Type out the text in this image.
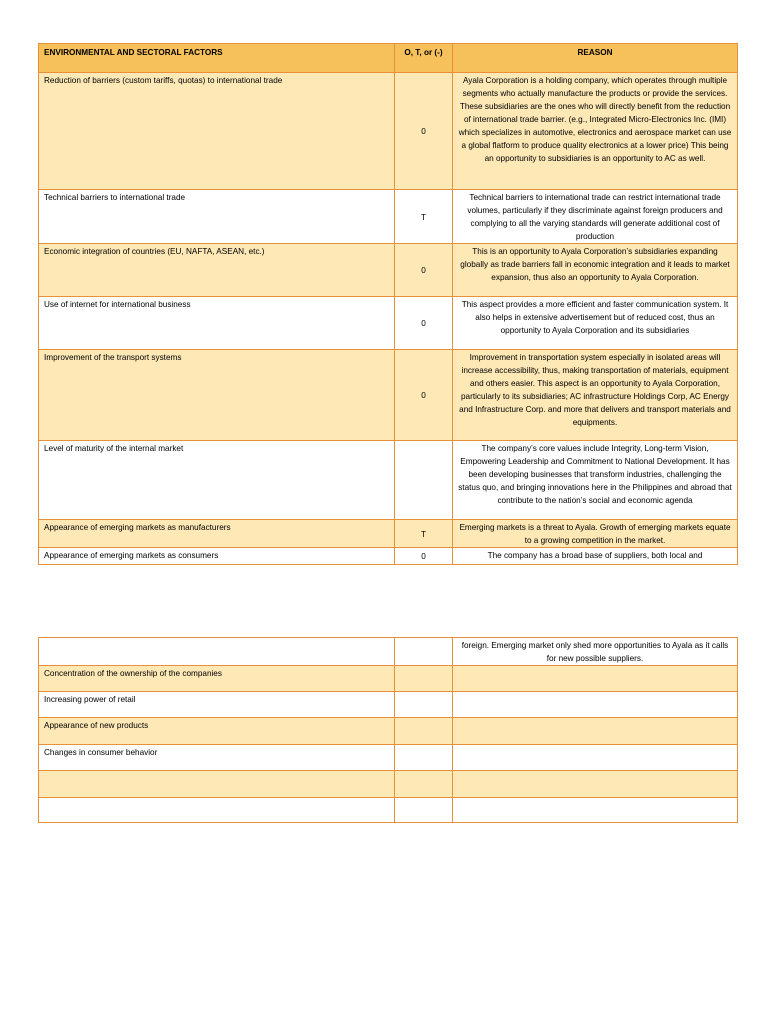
ENVIRONMENTAL AND SECTORAL FACTORS	O, T, or (-)	REASON
Reduction of barriers (custom tariffs, quotas) to international trade	0	Ayala Corporation is a holding company, which operates through multiple segments who actually manufacture the products or provide the services. These subsidiaries are the ones who will directly benefit from the reduction of international trade barrier. (e.g., Integrated Micro-Electronics Inc. (IMI) which specializes in automotive, electronics and aerospace market can use a global flatform to produce quality electronics at a lower price) This being an opportunity to subsidiaries is an opportunity to AC as well.
Technical barriers to international trade	T	Technical barriers to international trade can restrict international trade volumes, particularly if they discriminate against foreign producers and complying to all the varying standards will generate additional cost of production
Economic integration of countries (EU, NAFTA, ASEAN, etc.)	0	This is an opportunity to Ayala Corporation’s subsidiaries expanding globally as trade barriers fall in economic integration and it leads to market expansion, thus also an opportunity to Ayala Corporation.
Use of internet for international business	0	This aspect provides a more efficient and faster communication system. It also helps in extensive advertisement but of reduced cost, thus an opportunity to Ayala Corporation and its subsidiaries
Improvement of the transport systems	0	Improvement in transportation system especially in isolated areas will increase accessibility, thus, making transportation of materials, equipment and others easier. This aspect is an opportunity to Ayala Corporation, particularly to its subsidiaries; AC infrastructure Holdings Corp, AC Energy and Infrastructure Corp. and more that delivers and transport materials and equipments.
Level of maturity of the internal market		The company’s core values include Integrity, Long-term Vision, Empowering Leadership and Commitment to National Development. It has been developing businesses that transform industries, challenging the status quo, and bringing innovations here in the Philippines and abroad that contribute to the nation’s social and economic agenda
Appearance of emerging markets as manufacturers	T	Emerging markets is a threat to Ayala. Growth of emerging markets equate to a growing competition in the market.
Appearance of emerging markets as consumers	0	The company has a broad base of suppliers, both local and
		foreign. Emerging market only shed more opportunities to Ayala as it calls for new possible suppliers.
Concentration of the ownership of the companies		
Increasing power of retail		
Appearance of new products		
Changes in consumer behavior		
